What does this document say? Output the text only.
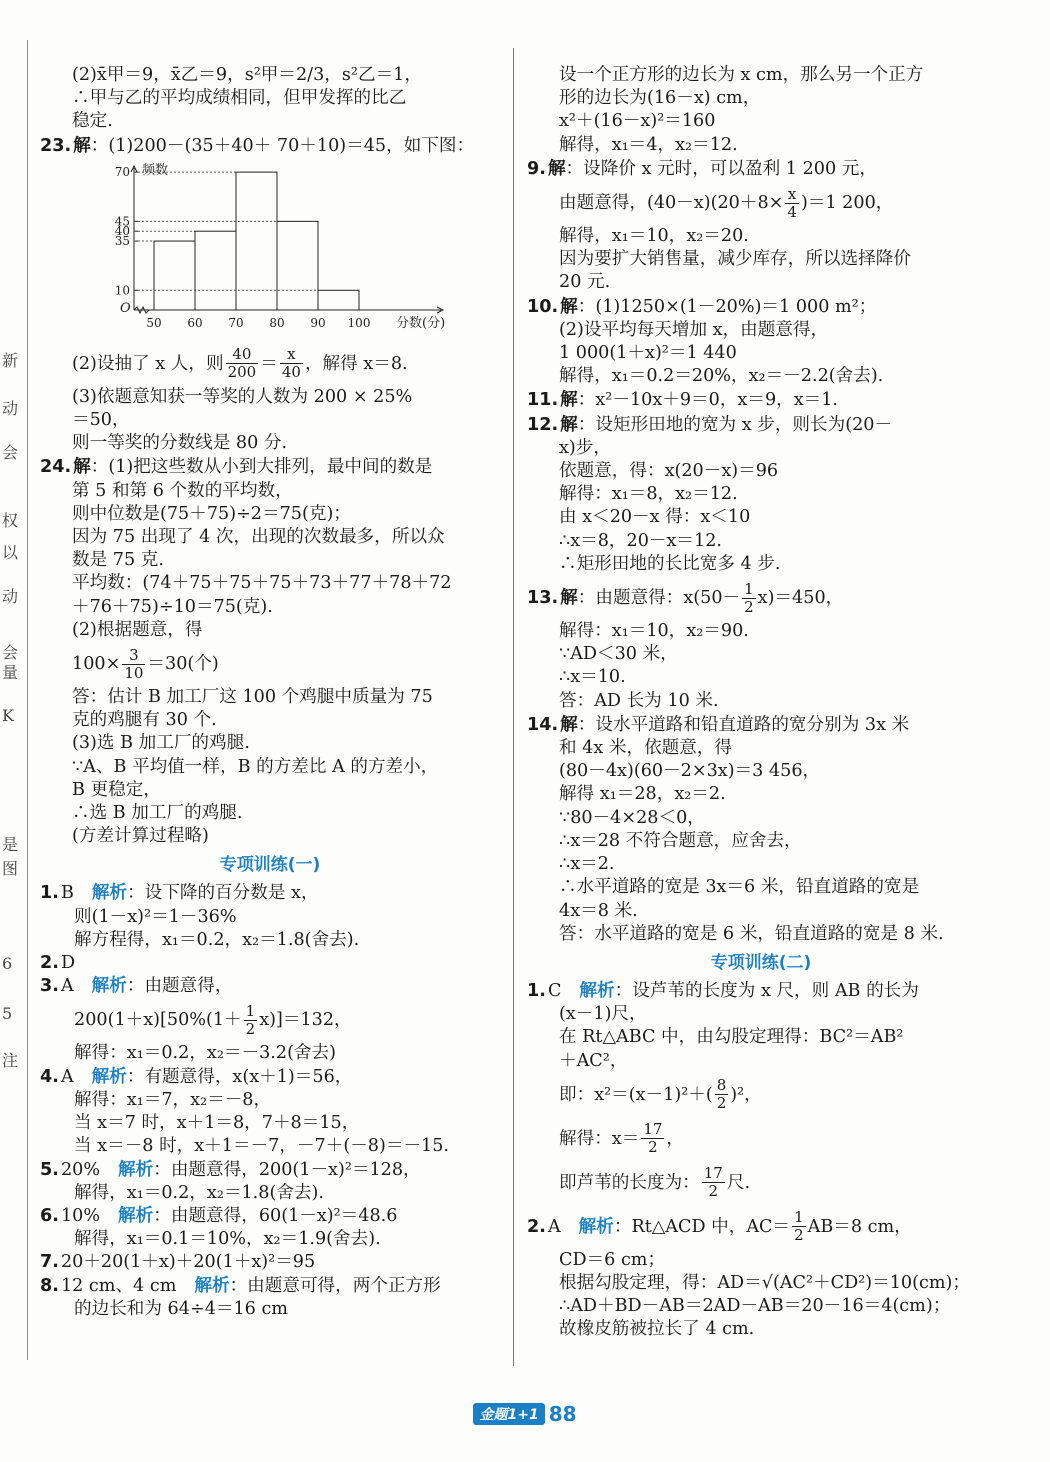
新
动
会
权
以
动
会
量
K
是
图
6
5
注
(2)x̄甲＝9，x̄乙＝9，s²甲＝2/3，s²乙＝1，
∴甲与乙的平均成绩相同，但甲发挥的比乙
稳定.
23. 解：(1)200－(35＋40＋ 70＋10)＝45，如下图：
10
35
40
45
70
50 60 70 80 90 100 分数(分)
频数
O
(2)设抽了 x 人，则 $\frac{40}{200} = \frac{x}{40}$ ，解得 x＝8.
(3)依题意知获一等奖的人数为 200 × 25%
＝50，
则一等奖的分数线是 80 分.
24. 解：(1)把这些数从小到大排列，最中间的数是
第 5 和第 6 个数的平均数，
则中位数是(75＋75)÷2＝75(克)；
因为 75 出现了 4 次，出现的次数最多，所以众
数是 75 克.
平均数：(74＋75＋75＋75＋73＋77＋78＋72
＋76＋75)÷10＝75(克).
(2)根据题意，得
$100\times \frac{3}{10} =30$(个)
答：估计 B 加工厂这 100 个鸡腿中质量为 75
克的鸡腿有 30 个.
(3)选 B 加工厂的鸡腿.
∵A、B 平均值一样，B 的方差比 A 的方差小，
B 更稳定，
∴选 B 加工厂的鸡腿.
(方差计算过程略)
专项训练(一)
1. B 解析：设下降的百分数是 x，
则(1－x)²＝1－36%
解方程得，x₁＝0.2，x₂＝1.8(舍去).
2. D
3. A 解析：由题意得，
$200(1+x)[50\%(1+ \frac{1}{2} x)]=132$，
解得：x₁＝0.2，x₂＝－3.2(舍去)
4. A 解析：有题意得，x(x＋1)＝56，
解得：x₁＝7，x₂＝－8，
当 x＝7 时，x＋1＝8，7＋8＝15，
当 x＝－8 时，x＋1＝－7，－7＋(－8)＝－15.
5. 20% 解析：由题意得，200(1－x)²＝128，
解得，x₁＝0.2，x₂＝1.8(舍去).
6. 10% 解析：由题意得，60(1－x)²＝48.6
解得，x₁＝0.1＝10%，x₂＝1.9(舍去).
7. 20＋20(1＋x)＋20(1＋x)²＝95
8. 12 cm、4 cm 解析：由题意可得，两个正方形
的边长和为 64÷4＝16 cm
设一个正方形的边长为 x cm，那么另一个正方
形的边长为(16－x) cm，
x²＋(16－x)²＝160
解得，x₁＝4，x₂＝12.
9. 解：设降价 x 元时，可以盈利 1 200 元，
由题意得，$(40-x)(20+8\times \frac{x}{4} )=1$ 200，
解得，x₁＝10，x₂＝20.
因为要扩大销售量，减少库存，所以选择降价
20 元.
10. 解：(1)1250×(1－20%)＝1 000 m²；
(2)设平均每天增加 x，由题意得，
1 000(1＋x)²＝1 440
解得，x₁＝0.2＝20%，x₂＝－2.2(舍去).
11. 解：x²－10x＋9＝0，x＝9，x＝1.
12. 解：设矩形田地的宽为 x 步，则长为(20－
x)步，
依题意，得：x(20－x)＝96
解得：x₁＝8，x₂＝12.
由 x＜20－x 得：x＜10
∴x＝8，20－x＝12.
∴矩形田地的长比宽多 4 步.
13. 解：由题意得：$x(50- \frac{1}{2} x)=450$，
解得：x₁＝10，x₂＝90.
∵AD＜30 米，
∴x＝10.
答：AD 长为 10 米.
14. 解：设水平道路和铅直道路的宽分别为 3x 米
和 4x 米，依题意，得
(80－4x)(60－2×3x)＝3 456，
解得 x₁＝28，x₂＝2.
∵80－4×28＜0，
∴x＝28 不符合题意，应舍去，
∴x＝2.
∴水平道路的宽是 3x＝6 米，铅直道路的宽是
4x＝8 米.
答：水平道路的宽是 6 米，铅直道路的宽是 8 米.
专项训练(二)
1. C 解析：设芦苇的长度为 x 尺，则 AB 的长为
(x－1)尺，
在 Rt△ABC 中，由勾股定理得：BC²＝AB²
＋AC²，
即：$x^2=(x-1)^2+( \frac{8}{2} )^2$，
解得：$x= \frac{17}{2}$ ，
即芦苇的长度为： $\frac{17}{2}$ 尺.
2. A 解析：Rt△ACD 中，$AC= \frac{1}{2} AB=8$ cm，
CD＝6 cm；
根据勾股定理，得：AD＝√(AC²＋CD²)＝10(cm)；
∴AD＋BD－AB＝2AD－AB＝20－16＝4(cm)；
故橡皮筋被拉长了 4 cm.
金题1+1 88
